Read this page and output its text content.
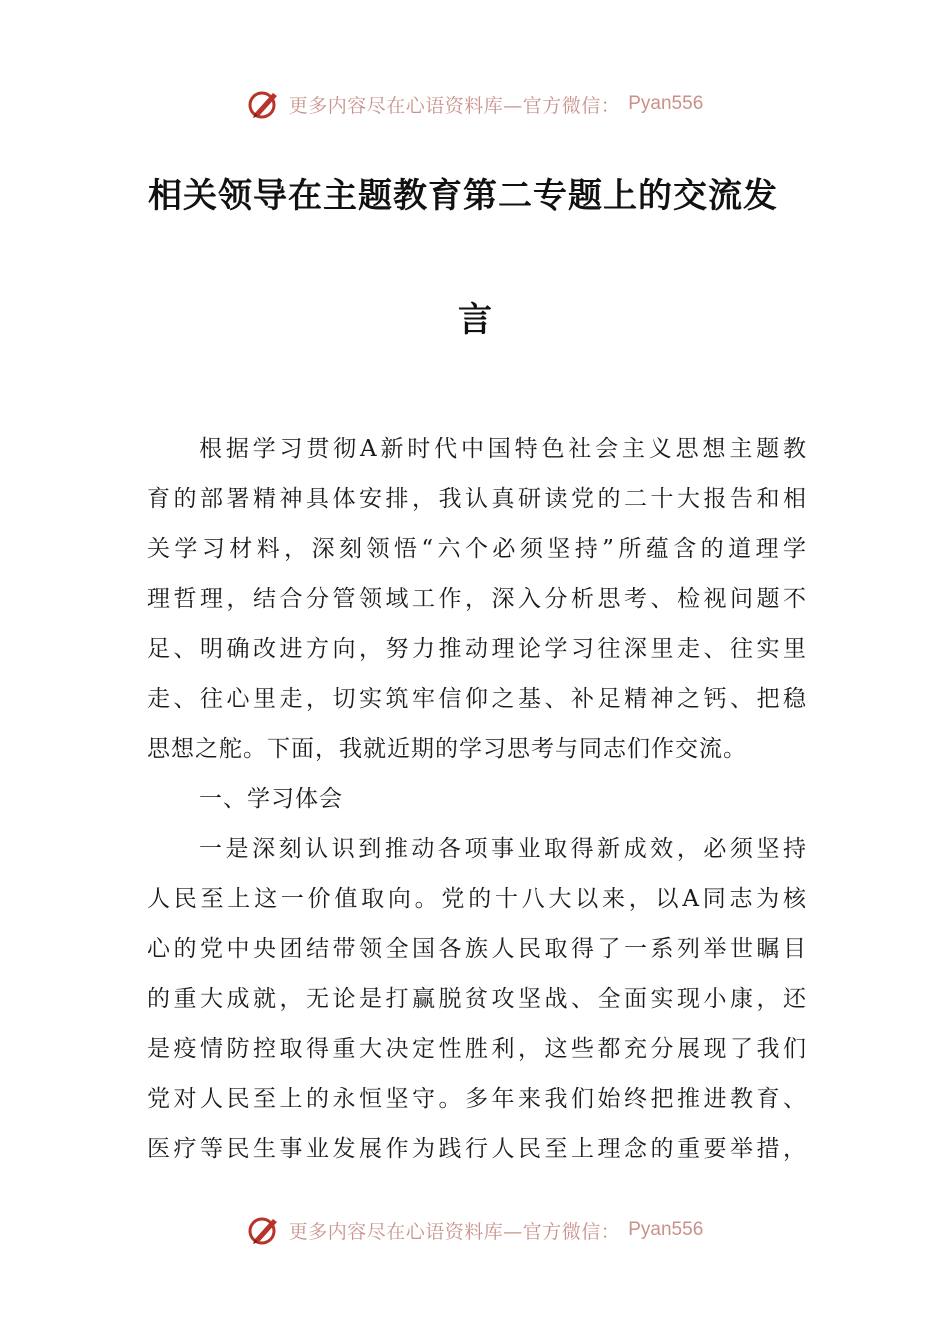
更多内容尽在心语资料库—官方微信： Pyan556
相关领导在主题教育第二专题上的交流发
言
根据学习贯彻A新时代中国特色社会主义思想主题教
育的部署精神具体安排，我认真研读党的二十大报告和相
关学习材料，深刻领悟“六个必须坚持”所蕴含的道理学
理哲理，结合分管领域工作，深入分析思考、检视问题不
足、明确改进方向，努力推动理论学习往深里走、往实里
走、往心里走，切实筑牢信仰之基、补足精神之钙、把稳
思想之舵。下面，我就近期的学习思考与同志们作交流。
一、学习体会
一是深刻认识到推动各项事业取得新成效，必须坚持
人民至上这一价值取向。党的十八大以来，以A同志为核
心的党中央团结带领全国各族人民取得了一系列举世瞩目
的重大成就，无论是打赢脱贫攻坚战、全面实现小康，还
是疫情防控取得重大决定性胜利，这些都充分展现了我们
党对人民至上的永恒坚守。多年来我们始终把推进教育、
医疗等民生事业发展作为践行人民至上理念的重要举措，
更多内容尽在心语资料库—官方微信： Pyan556
